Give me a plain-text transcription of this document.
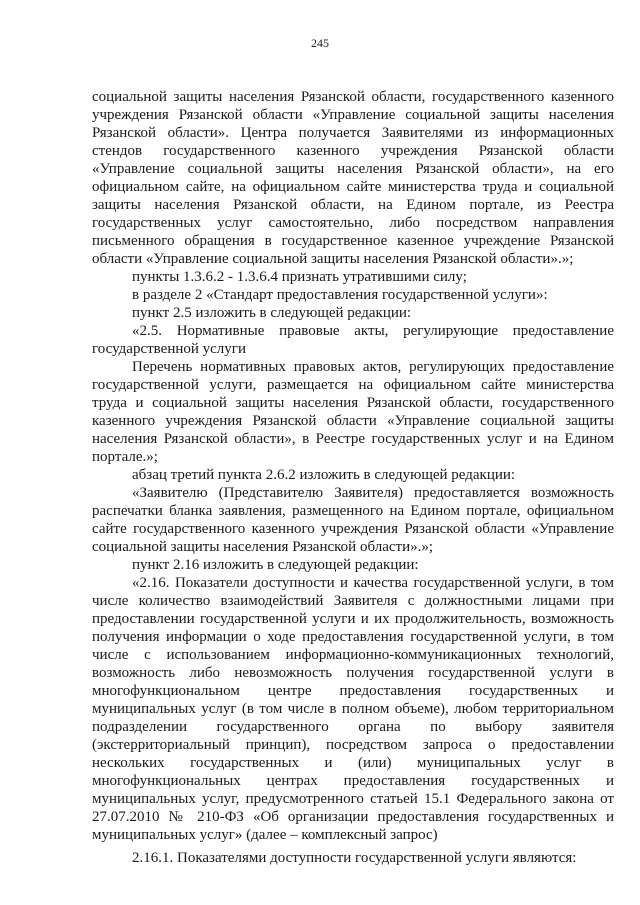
245
социальной защиты населения Рязанской области, государственного казенного
учреждения Рязанской области «Управление социальной защиты населения
Рязанской области». Центра получается Заявителями из информационных
стендов государственного казенного учреждения Рязанской области
«Управление социальной защиты населения Рязанской области», на его
официальном сайте, на официальном сайте министерства труда и социальной
защиты населения Рязанской области, на Едином портале, из Реестра
государственных услуг самостоятельно, либо посредством направления
письменного обращения в государственное казенное учреждение Рязанской
области «Управление социальной защиты населения Рязанской области».»;
пункты 1.3.6.2 - 1.3.6.4 признать утратившими силу;
в разделе 2 «Стандарт предоставления государственной услуги»:
пункт 2.5 изложить в следующей редакции:
«2.5. Нормативные правовые акты, регулирующие предоставление
государственной услуги
Перечень нормативных правовых актов, регулирующих предоставление
государственной услуги, размещается на официальном сайте министерства
труда и социальной защиты населения Рязанской области, государственного
казенного учреждения Рязанской области «Управление социальной защиты
населения Рязанской области», в Реестре государственных услуг и на Едином
портале.»;
абзац третий пункта 2.6.2 изложить в следующей редакции:
«Заявителю (Представителю Заявителя) предоставляется возможность
распечатки бланка заявления, размещенного на Едином портале, официальном
сайте государственного казенного учреждения Рязанской области «Управление
социальной защиты населения Рязанской области».»;
пункт 2.16 изложить в следующей редакции:
«2.16. Показатели доступности и качества государственной услуги, в том
числе количество взаимодействий Заявителя с должностными лицами при
предоставлении государственной услуги и их продолжительность, возможность
получения информации о ходе предоставления государственной услуги, в том
числе с использованием информационно-коммуникационных технологий,
возможность либо невозможность получения государственной услуги в
многофункциональном центре предоставления государственных и
муниципальных услуг (в том числе в полном объеме), любом территориальном
подразделении государственного органа по выбору заявителя
(экстерриториальный принцип), посредством запроса о предоставлении
нескольких государственных и (или) муниципальных услуг в
многофункциональных центрах предоставления государственных и
муниципальных услуг, предусмотренного статьей 15.1 Федерального закона от
27.07.2010 № 210-ФЗ «Об организации предоставления государственных и
муниципальных услуг» (далее – комплексный запрос)
2.16.1. Показателями доступности государственной услуги являются:
